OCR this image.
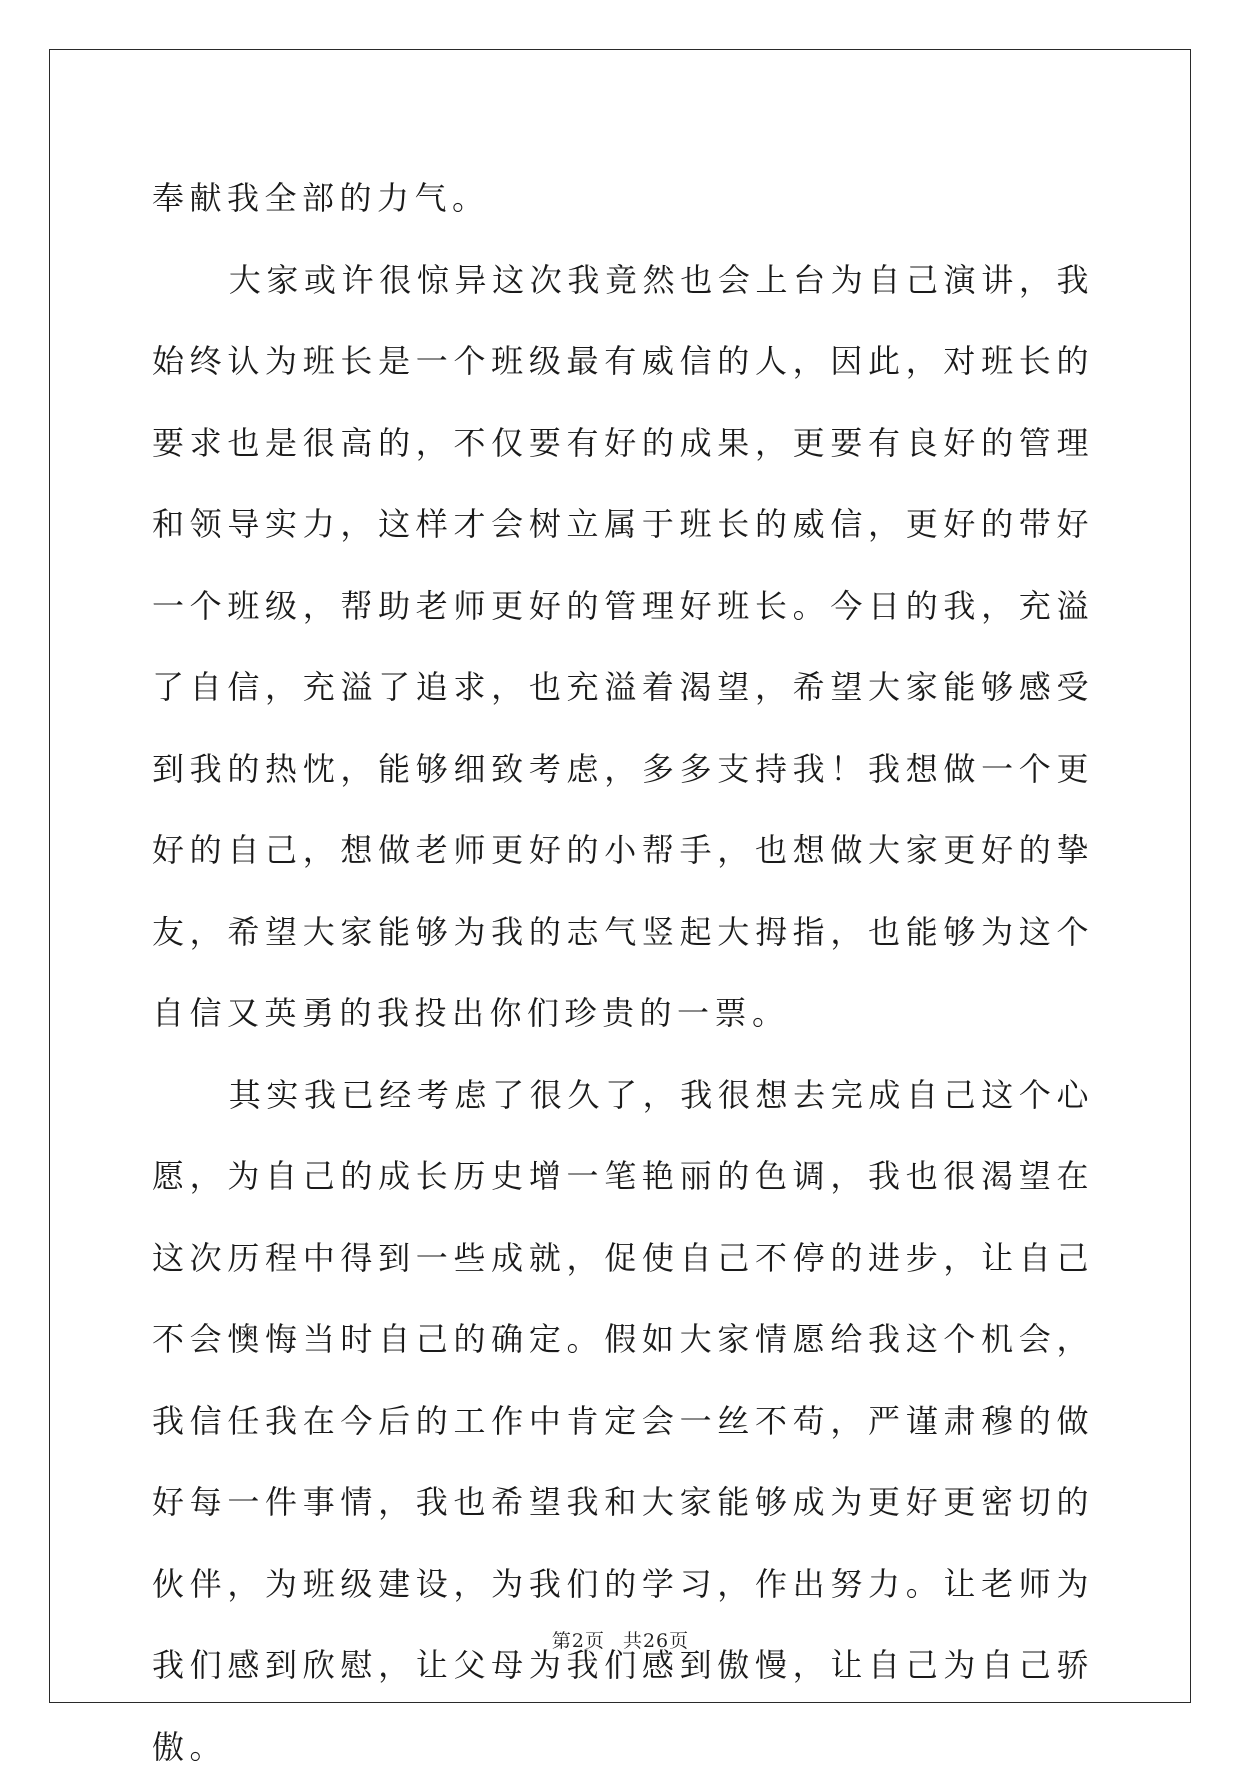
奉献我全部的力气。

大家或许很惊异这次我竟然也会上台为自己演讲，我始终认为班长是一个班级最有威信的人，因此，对班长的要求也是很高的，不仅要有好的成果，更要有良好的管理和领导实力，这样才会树立属于班长的威信，更好的带好一个班级，帮助老师更好的管理好班长。今日的我，充溢了自信，充溢了追求，也充溢着渴望，希望大家能够感受到我的热忱，能够细致考虑，多多支持我！我想做一个更好的自己，想做老师更好的小帮手，也想做大家更好的挚友，希望大家能够为我的志气竖起大拇指，也能够为这个自信又英勇的我投出你们珍贵的一票。

其实我已经考虑了很久了，我很想去完成自己这个心愿，为自己的成长历史增一笔艳丽的色调，我也很渴望在这次历程中得到一些成就，促使自己不停的进步，让自己不会懊悔当时自己的确定。假如大家情愿给我这个机会，我信任我在今后的工作中肯定会一丝不苟，严谨肃穆的做好每一件事情，我也希望我和大家能够成为更好更密切的伙伴，为班级建设，为我们的学习，作出努力。让老师为我们感到欣慰，让父母为我们感到傲慢，让自己为自己骄傲。

第2页 共26页
